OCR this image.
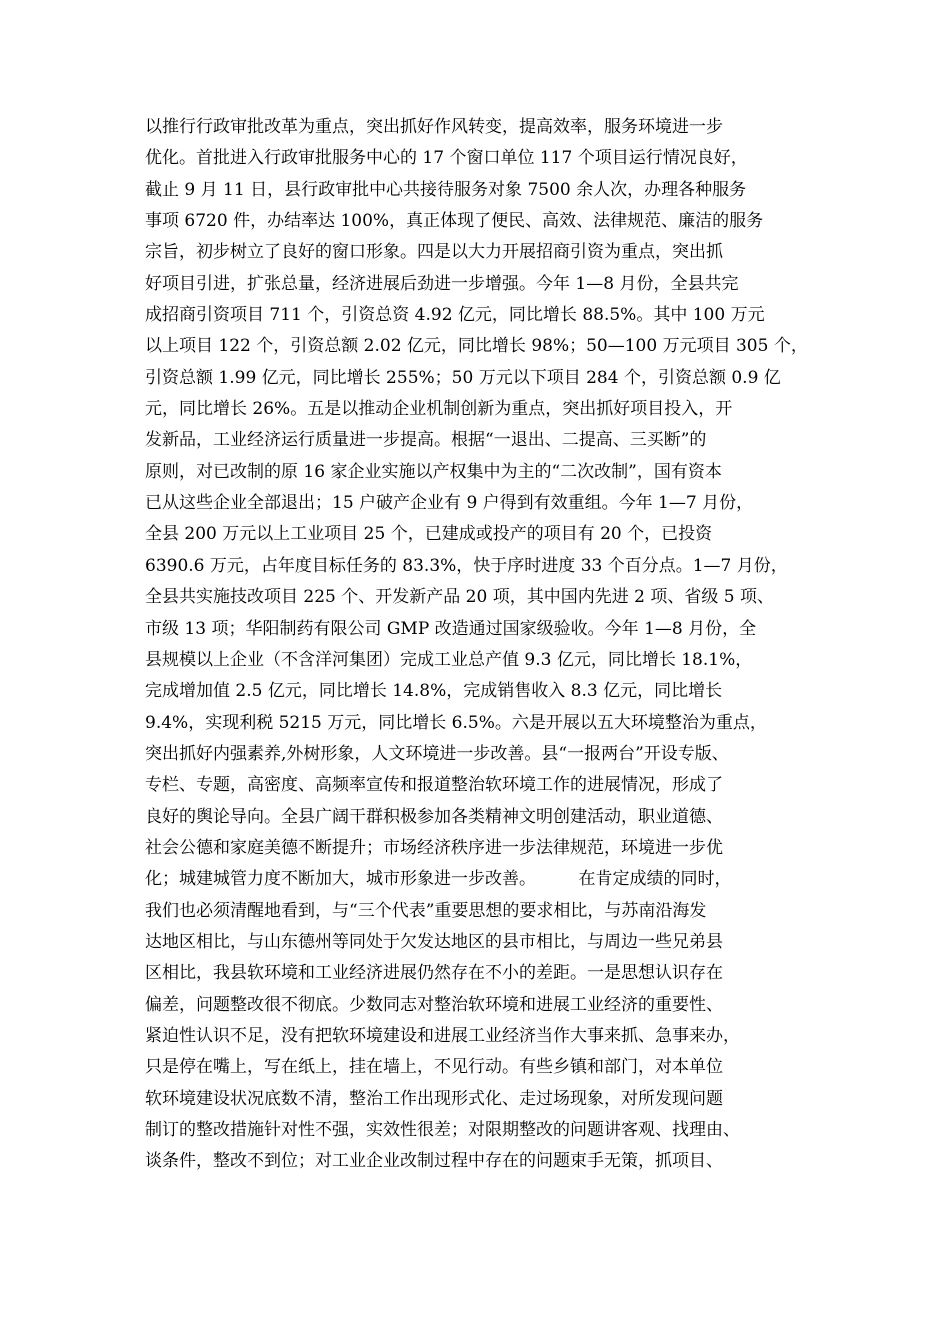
以推行行政审批改革为重点，突出抓好作风转变，提高效率，服务环境进一步
优化。首批进入行政审批服务中心的 17 个窗口单位 117 个项目运行情况良好，
截止 9 月 11 日，县行政审批中心共接待服务对象 7500 余人次，办理各种服务
事项 6720 件，办结率达 100%，真正体现了便民、高效、法律规范、廉洁的服务
宗旨，初步树立了良好的窗口形象。四是以大力开展招商引资为重点，突出抓
好项目引进，扩张总量，经济进展后劲进一步增强。今年 1—8 月份，全县共完
成招商引资项目 711 个，引资总资 4.92 亿元，同比增长 88.5%。其中 100 万元
以上项目 122 个，引资总额 2.02 亿元，同比增长 98%；50—100 万元项目 305 个，
引资总额 1.99 亿元，同比增长 255%；50 万元以下项目 284 个，引资总额 0.9 亿
元，同比增长 26%。五是以推动企业机制创新为重点，突出抓好项目投入，开
发新品，工业经济运行质量进一步提高。根据“一退出、二提高、三买断”的
原则，对已改制的原 16 家企业实施以产权集中为主的“二次改制”，国有资本
已从这些企业全部退出；15 户破产企业有 9 户得到有效重组。今年 1—7 月份，
全县 200 万元以上工业项目 25 个，已建成或投产的项目有 20 个，已投资
6390.6 万元，占年度目标任务的 83.3%，快于序时进度 33 个百分点。1—7 月份，
全县共实施技改项目 225 个、开发新产品 20 项，其中国内先进 2 项、省级 5 项、
市级 13 项；华阳制药有限公司 GMP 改造通过国家级验收。今年 1—8 月份，全
县规模以上企业（不含洋河集团）完成工业总产值 9.3 亿元，同比增长 18.1%，
完成增加值 2.5 亿元，同比增长 14.8%，完成销售收入 8.3 亿元，同比增长
9.4%，实现利税 5215 万元，同比增长 6.5%。六是开展以五大环境整治为重点，
突出抓好内强素养,外树形象，人文环境进一步改善。县“一报两台”开设专版、
专栏、专题，高密度、高频率宣传和报道整治软环境工作的进展情况，形成了
良好的舆论导向。全县广阔干群积极参加各类精神文明创建活动，职业道德、
社会公德和家庭美德不断提升；市场经济秩序进一步法律规范，环境进一步优
化；城建城管力度不断加大，城市形象进一步改善。　　　在肯定成绩的同时，
我们也必须清醒地看到，与“三个代表”重要思想的要求相比，与苏南沿海发
达地区相比，与山东德州等同处于欠发达地区的县市相比，与周边一些兄弟县
区相比，我县软环境和工业经济进展仍然存在不小的差距。一是思想认识存在
偏差，问题整改很不彻底。少数同志对整治软环境和进展工业经济的重要性、
紧迫性认识不足，没有把软环境建设和进展工业经济当作大事来抓、急事来办，
只是停在嘴上，写在纸上，挂在墙上，不见行动。有些乡镇和部门，对本单位
软环境建设状况底数不清，整治工作出现形式化、走过场现象，对所发现问题
制订的整改措施针对性不强，实效性很差；对限期整改的问题讲客观、找理由、
谈条件，整改不到位；对工业企业改制过程中存在的问题束手无策，抓项目、
